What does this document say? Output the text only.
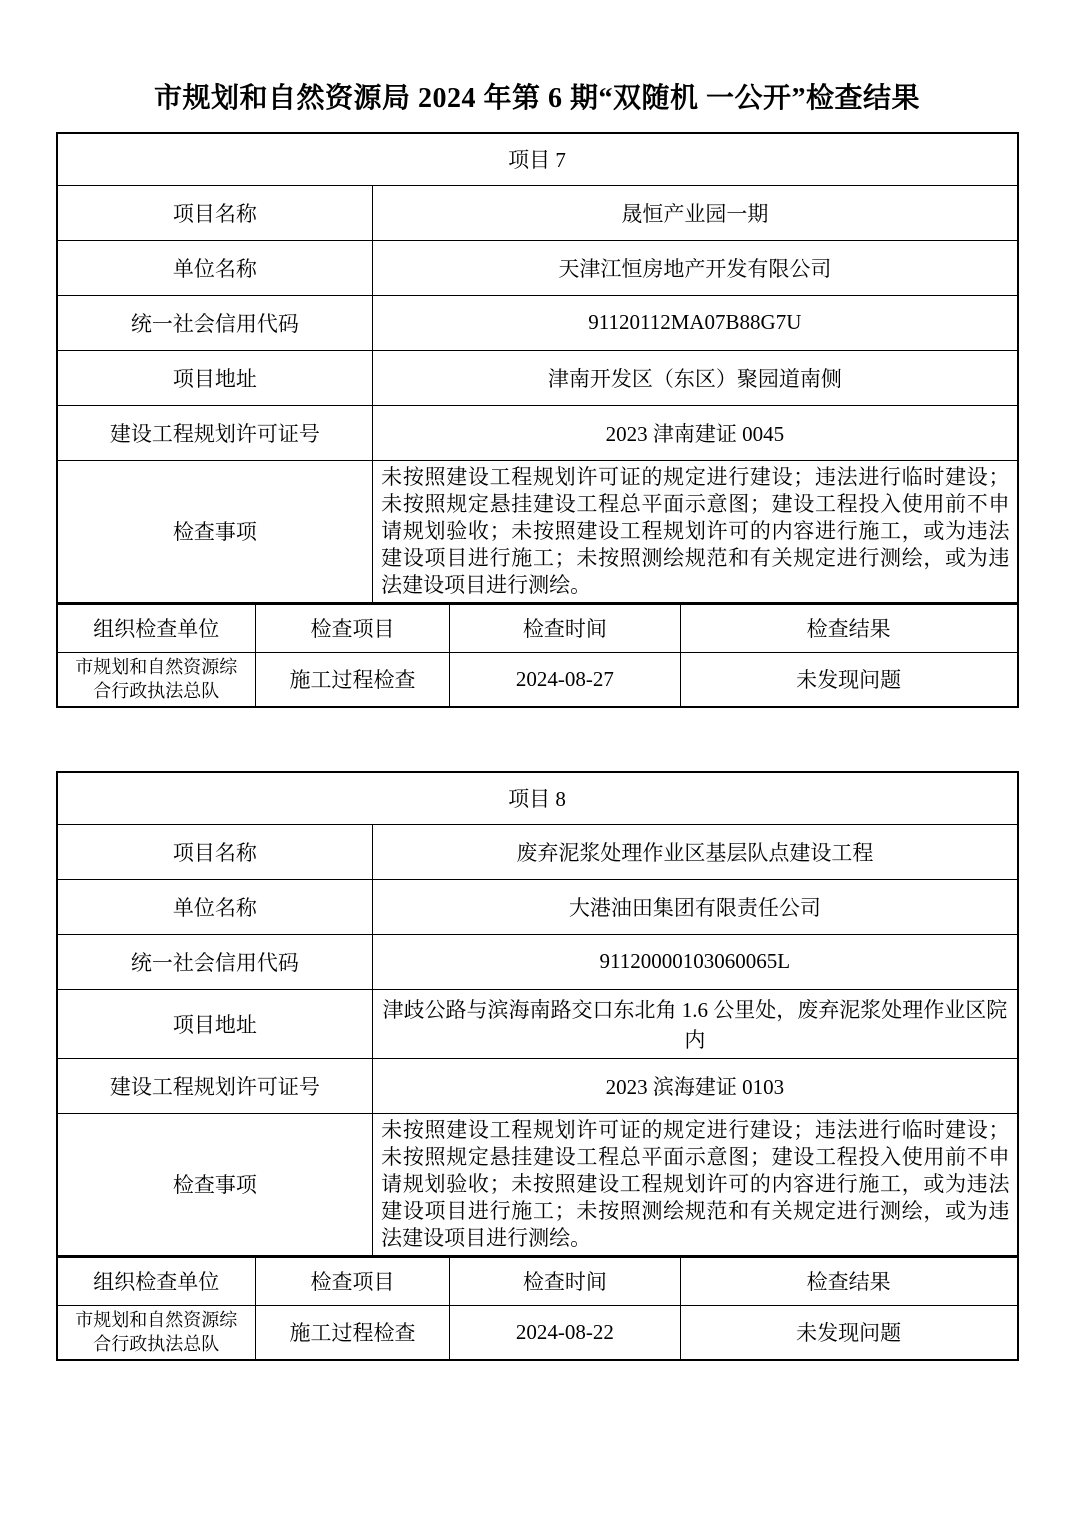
市规划和自然资源局 2024 年第 6 期“双随机 一公开”检查结果
项目 7	
项目名称	晟恒产业园一期
单位名称	天津江恒房地产开发有限公司
统一社会信用代码	91120112MA07B88G7U
项目地址	津南开发区（东区）聚园道南侧
建设工程规划许可证号	2023 津南建证 0045
检查事项	未按照建设工程规划许可证的规定进行建设；违法进行临时建设；未按照规定悬挂建设工程总平面示意图；建设工程投入使用前不申请规划验收；未按照建设工程规划许可的内容进行施工，或为违法建设项目进行施工；未按照测绘规范和有关规定进行测绘，或为违法建设项目进行测绘。
组织检查单位	检查项目	检查时间	检查结果
市规划和自然资源综合行政执法总队	施工过程检查	2024-08-27	未发现问题
项目 8	
项目名称	废弃泥浆处理作业区基层队点建设工程
单位名称	大港油田集团有限责任公司
统一社会信用代码	91120000103060065L
项目地址	津歧公路与滨海南路交口东北角 1.6 公里处，废弃泥浆处理作业区院内
建设工程规划许可证号	2023 滨海建证 0103
检查事项	未按照建设工程规划许可证的规定进行建设；违法进行临时建设；未按照规定悬挂建设工程总平面示意图；建设工程投入使用前不申请规划验收；未按照建设工程规划许可的内容进行施工，或为违法建设项目进行施工；未按照测绘规范和有关规定进行测绘，或为违法建设项目进行测绘。
组织检查单位	检查项目	检查时间	检查结果
市规划和自然资源综合行政执法总队	施工过程检查	2024-08-22	未发现问题
